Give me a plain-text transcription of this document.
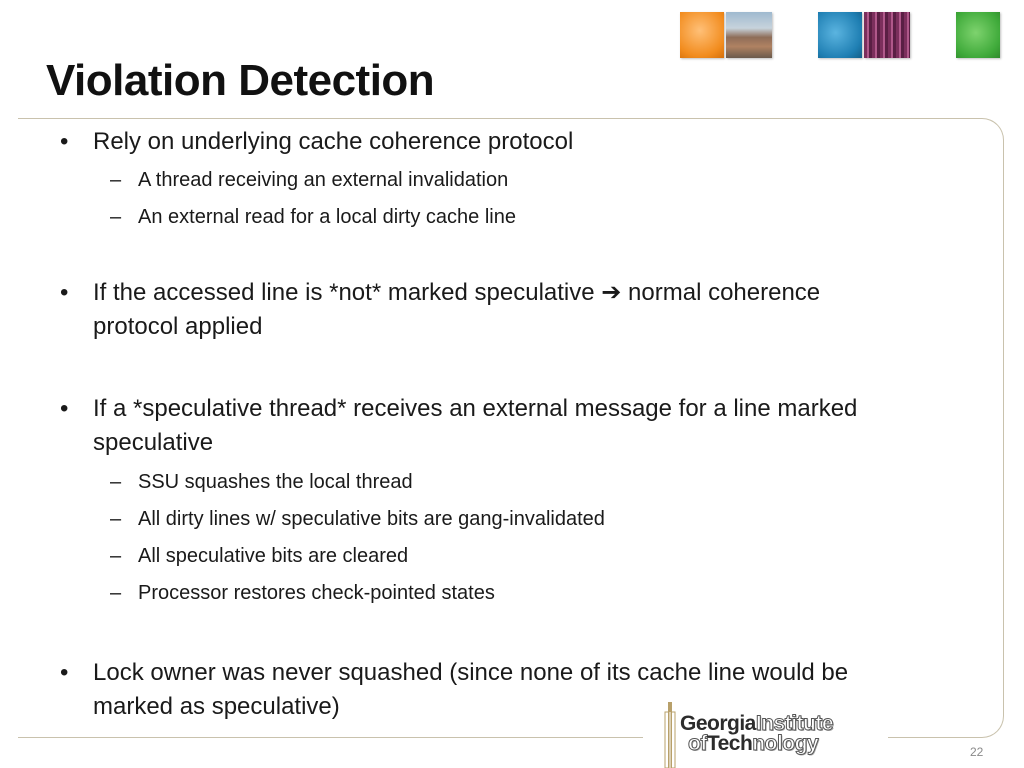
Violation Detection
•	Rely on underlying cache coherence protocol
– A thread receiving an external invalidation
– An external read for a local dirty cache line
•	If the accessed line is *not* marked speculative ➔ normal coherence
protocol applied
•	If a *speculative thread* receives an external message for a line marked
speculative
– SSU squashes the local thread
– All dirty lines w/ speculative bits are gang-invalidated
– All speculative bits are cleared
– Processor restores check-pointed states
•	Lock owner was never squashed (since none of its cache line would be
marked as speculative)
GeorgiaInstitute
ofTechnology	22
